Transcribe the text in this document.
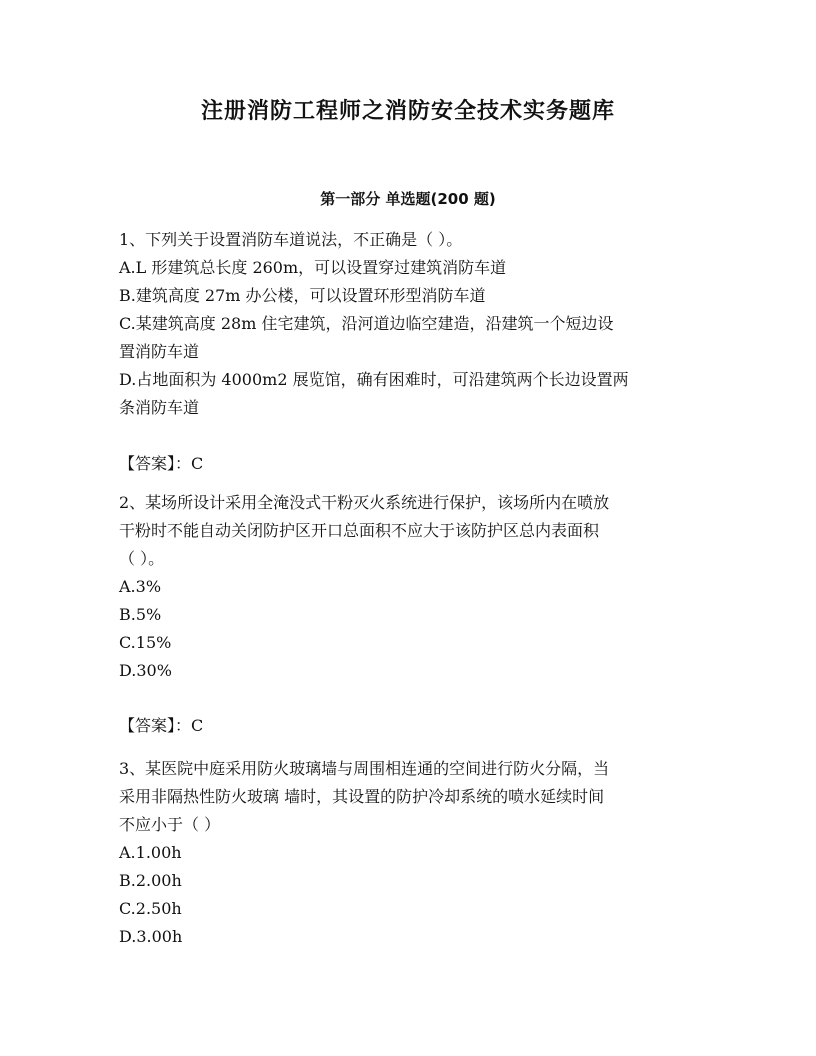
注册消防工程师之消防安全技术实务题库
第一部分 单选题(200 题)
1、下列关于设置消防车道说法，不正确是（ ）。
A.L 形建筑总长度 260m，可以设置穿过建筑消防车道
B.建筑高度 27m 办公楼，可以设置环形型消防车道
C.某建筑高度 28m 住宅建筑，沿河道边临空建造，沿建筑一个短边设
置消防车道
D.占地面积为 4000m2 展览馆，确有困难时，可沿建筑两个长边设置两
条消防车道
【答案】：C
2、某场所设计采用全淹没式干粉灭火系统进行保护，该场所内在喷放
干粉时不能自动关闭防护区开口总面积不应大于该防护区总内表面积
（ ）。
A.3%
B.5%
C.15%
D.30%
【答案】：C
3、某医院中庭采用防火玻璃墙与周围相连通的空间进行防火分隔，当
采用非隔热性防火玻璃 墙时，其设置的防护冷却系统的喷水延续时间
不应小于（ ）
A.1.00h
B.2.00h
C.2.50h
D.3.00h
